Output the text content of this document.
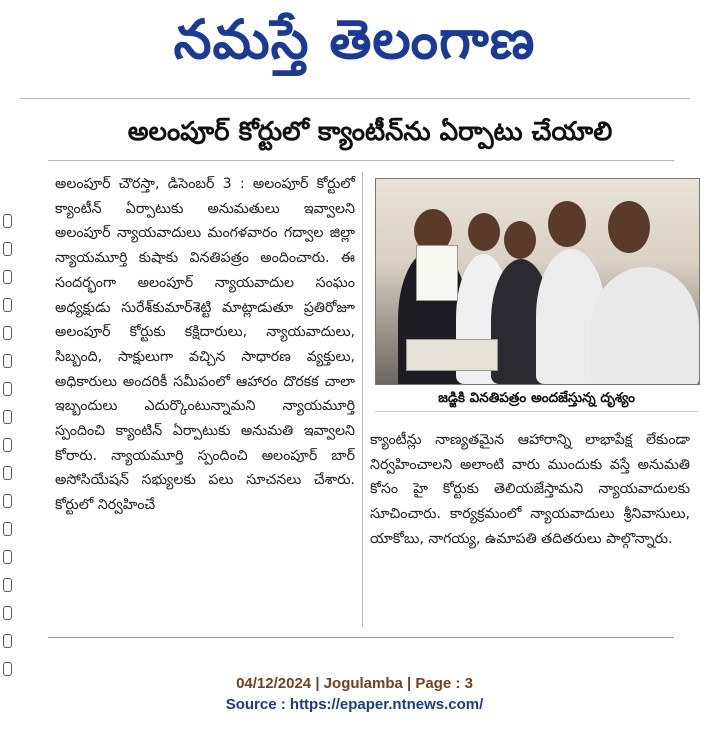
నమస్తే తెలంగాణ
అలంపూర్ కోర్టులో క్యాంటీన్‌ను ఏర్పాటు చేయాలి

అలంపూర్ చౌరస్తా, డిసెంబర్ 3 : అలంపూర్ కోర్టులో క్యాంటీన్ ఏర్పాటుకు అనుమతులు ఇవ్వాలని అలంపూర్ న్యాయవాదులు మంగళవారం గద్వాల జిల్లా న్యాయమూర్తి కుషాకు వినతిపత్రం అందించారు. ఈ సందర్భంగా అలంపూర్ న్యాయవాదుల సంఘం అధ్యక్షుడు సురేశ్‌కుమార్‌శెట్టి మాట్లాడుతూ ప్రతిరోజూ అలంపూర్ కోర్టుకు కక్షిదారులు, న్యాయవాదులు, సిబ్బంది, సాక్షులుగా వచ్చిన సాధారణ వ్యక్తులు, అధికారులు అందరికీ సమీపంలో ఆహారం దొరకక చాలా ఇబ్బందులు ఎదుర్కొంటున్నామని న్యాయమూర్తి స్పందించి క్యాంటిన్ ఏర్పాటుకు అనుమతి ఇవ్వాలని కోరారు. న్యాయమూర్తి స్పందించి అలంపూర్ బార్ అసోసియేషన్ సభ్యులకు పలు సూచనలు చేశారు. కోర్టులో నిర్వహించే

జడ్జికి వినతిపత్రం అందజేస్తున్న దృశ్యం

క్యాంటీన్లు నాణ్యతమైన ఆహారాన్ని లాభాపేక్ష లేకుండా నిర్వహించాలని అలాంటి వారు ముందుకు వస్తే అనుమతి కోసం హై కోర్టుకు తెలియజేస్తామని న్యాయవాదులకు సూచించారు. కార్యక్రమంలో న్యాయవాదులు శ్రీనివాసులు, యాకోబు, నాగయ్య, ఉమాపతి తదితరులు పాల్గొన్నారు.

04/12/2024 | Jogulamba | Page : 3
Source : https://epaper.ntnews.com/
